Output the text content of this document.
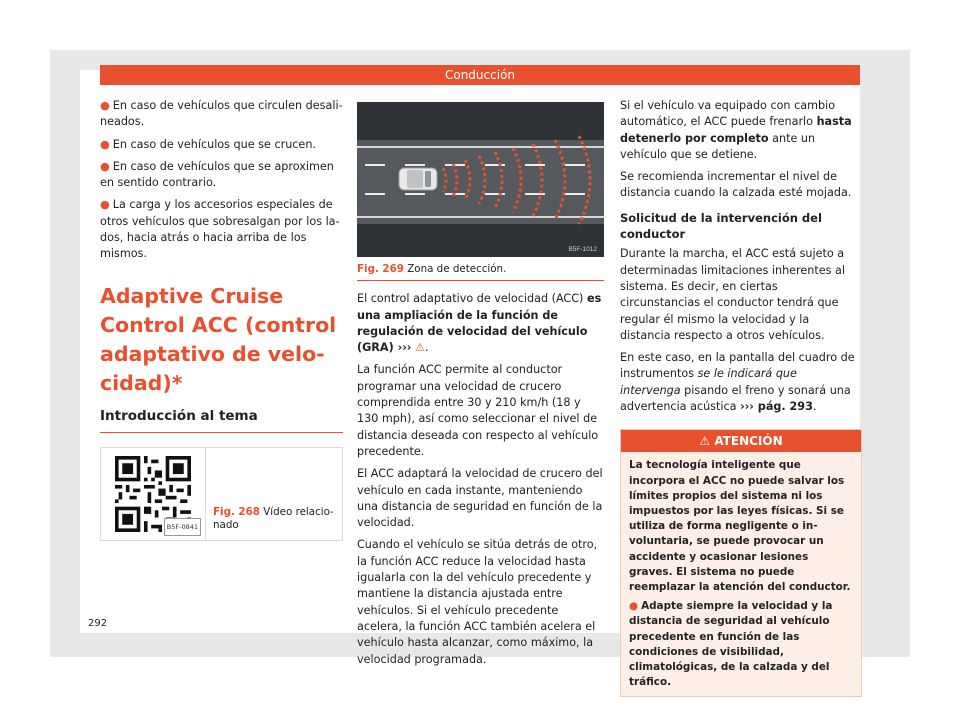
Conducción

● En caso de vehículos que circulen desalineados.

● En caso de vehículos que se crucen.

● En caso de vehículos que se aproximen en sentido contrario.

● La carga y los accesorios especiales de otros vehículos que sobresalgan por los lados, hacia atrás o hacia arriba de los mismos.

Adaptive Cruise Control ACC (control adaptativo de velocidad)*
Introducción al tema
B5F-0841
Fig. 268 Vídeo relacionado
B5F-1012
Fig. 269 Zona de detección.

El control adaptativo de velocidad (ACC) es una ampliación de la función de regulación de velocidad del vehículo (GRA) ››› ⚠.

La función ACC permite al conductor programar una velocidad de crucero comprendida entre 30 y 210 km/h (18 y 130 mph), así como seleccionar el nivel de distancia deseada con respecto al vehículo precedente.

El ACC adaptará la velocidad de crucero del vehículo en cada instante, manteniendo una distancia de seguridad en función de la velocidad.

Cuando el vehículo se sitúa detrás de otro, la función ACC reduce la velocidad hasta igualarla con la del vehículo precedente y mantiene la distancia ajustada entre vehículos. Si el vehículo precedente acelera, la función ACC también acelera el vehículo hasta alcanzar, como máximo, la velocidad programada.

Si el vehículo va equipado con cambio automático, el ACC puede frenarlo hasta detenerlo por completo ante un vehículo que se detiene.

Se recomienda incrementar el nivel de distancia cuando la calzada esté mojada.

Solicitud de la intervención del conductor

Durante la marcha, el ACC está sujeto a determinadas limitaciones inherentes al sistema. Es decir, en ciertas circunstancias el conductor tendrá que regular él mismo la velocidad y la distancia respecto a otros vehículos.

En este caso, en la pantalla del cuadro de instrumentos se le indicará que intervenga pisando el freno y sonará una advertencia acústica ››› pág. 293.

⚠ ATENCIÓN

La tecnología inteligente que incorpora el ACC no puede salvar los límites propios del sistema ni los impuestos por las leyes físicas. Si se utiliza de forma negligente o involuntaria, se puede provocar un accidente y ocasionar lesiones graves. El sistema no puede reemplazar la atención del conductor.

● Adapte siempre la velocidad y la distancia de seguridad al vehículo precedente en función de las condiciones de visibilidad, climatológicas, de la calzada y del tráfico.

292
